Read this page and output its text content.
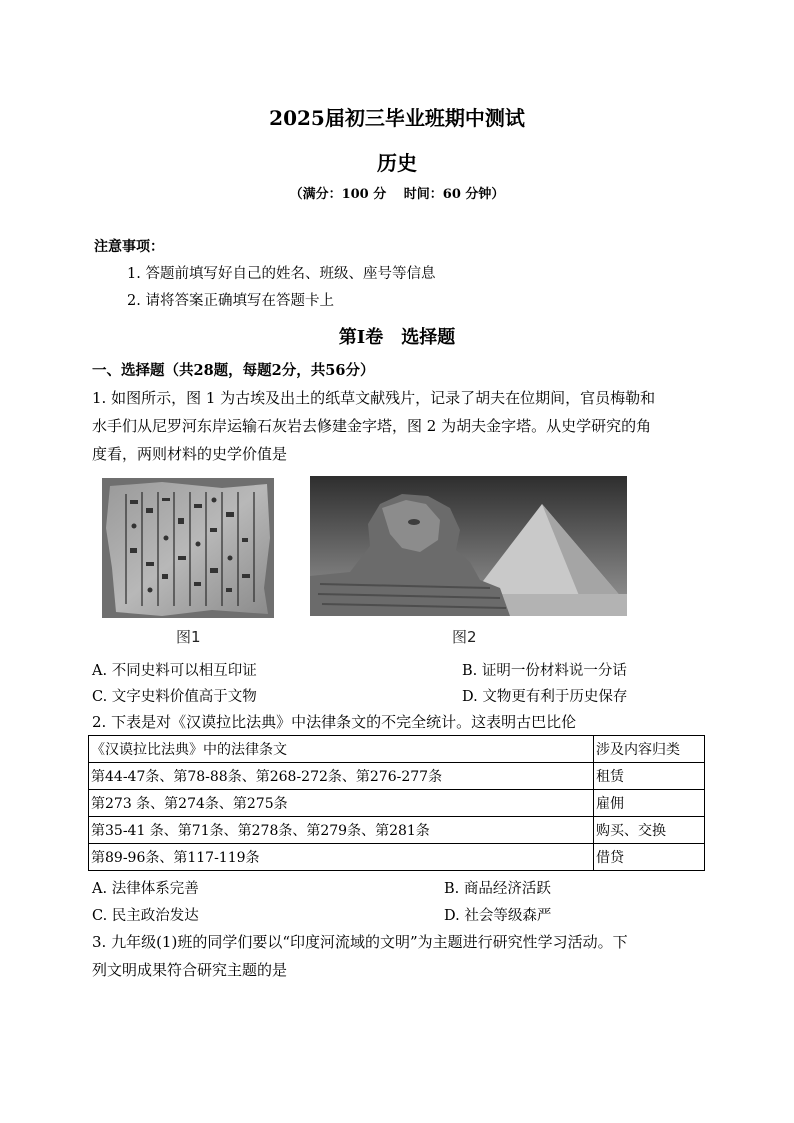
2025届初三毕业班期中测试
历史
（满分：100 分　 时间：60 分钟）
注意事项：
1. 答题前填写好自己的姓名、班级、座号等信息
2. 请将答案正确填写在答题卡上
第I卷　选择题
一、选择题（共28题，每题2分，共56分）
1. 如图所示，图 1 为古埃及出土的纸草文献残片，记录了胡夫在位期间，官员梅勒和
水手们从尼罗河东岸运输石灰岩去修建金字塔，图 2 为胡夫金字塔。从史学研究的角
度看，两则材料的史学价值是
图1	图2
A. 不同史料可以相互印证	B. 证明一份材料说一分话
C. 文字史料价值高于文物	D. 文物更有利于历史保存
2. 下表是对《汉谟拉比法典》中法律条文的不完全统计。这表明古巴比伦
《汉谟拉比法典》中的法律条文	涉及内容归类
第44-47条、第78-88条、第268-272条、第276-277条	租赁
第273 条、第274条、第275条	雇佣
第35-41 条、第71条、第278条、第279条、第281条	购买、交换
第89-96条、第117-119条	借贷
A. 法律体系完善	B. 商品经济活跃
C. 民主政治发达	D. 社会等级森严
3. 九年级(1)班的同学们要以“印度河流域的文明”为主题进行研究性学习活动。下
列文明成果符合研究主题的是
